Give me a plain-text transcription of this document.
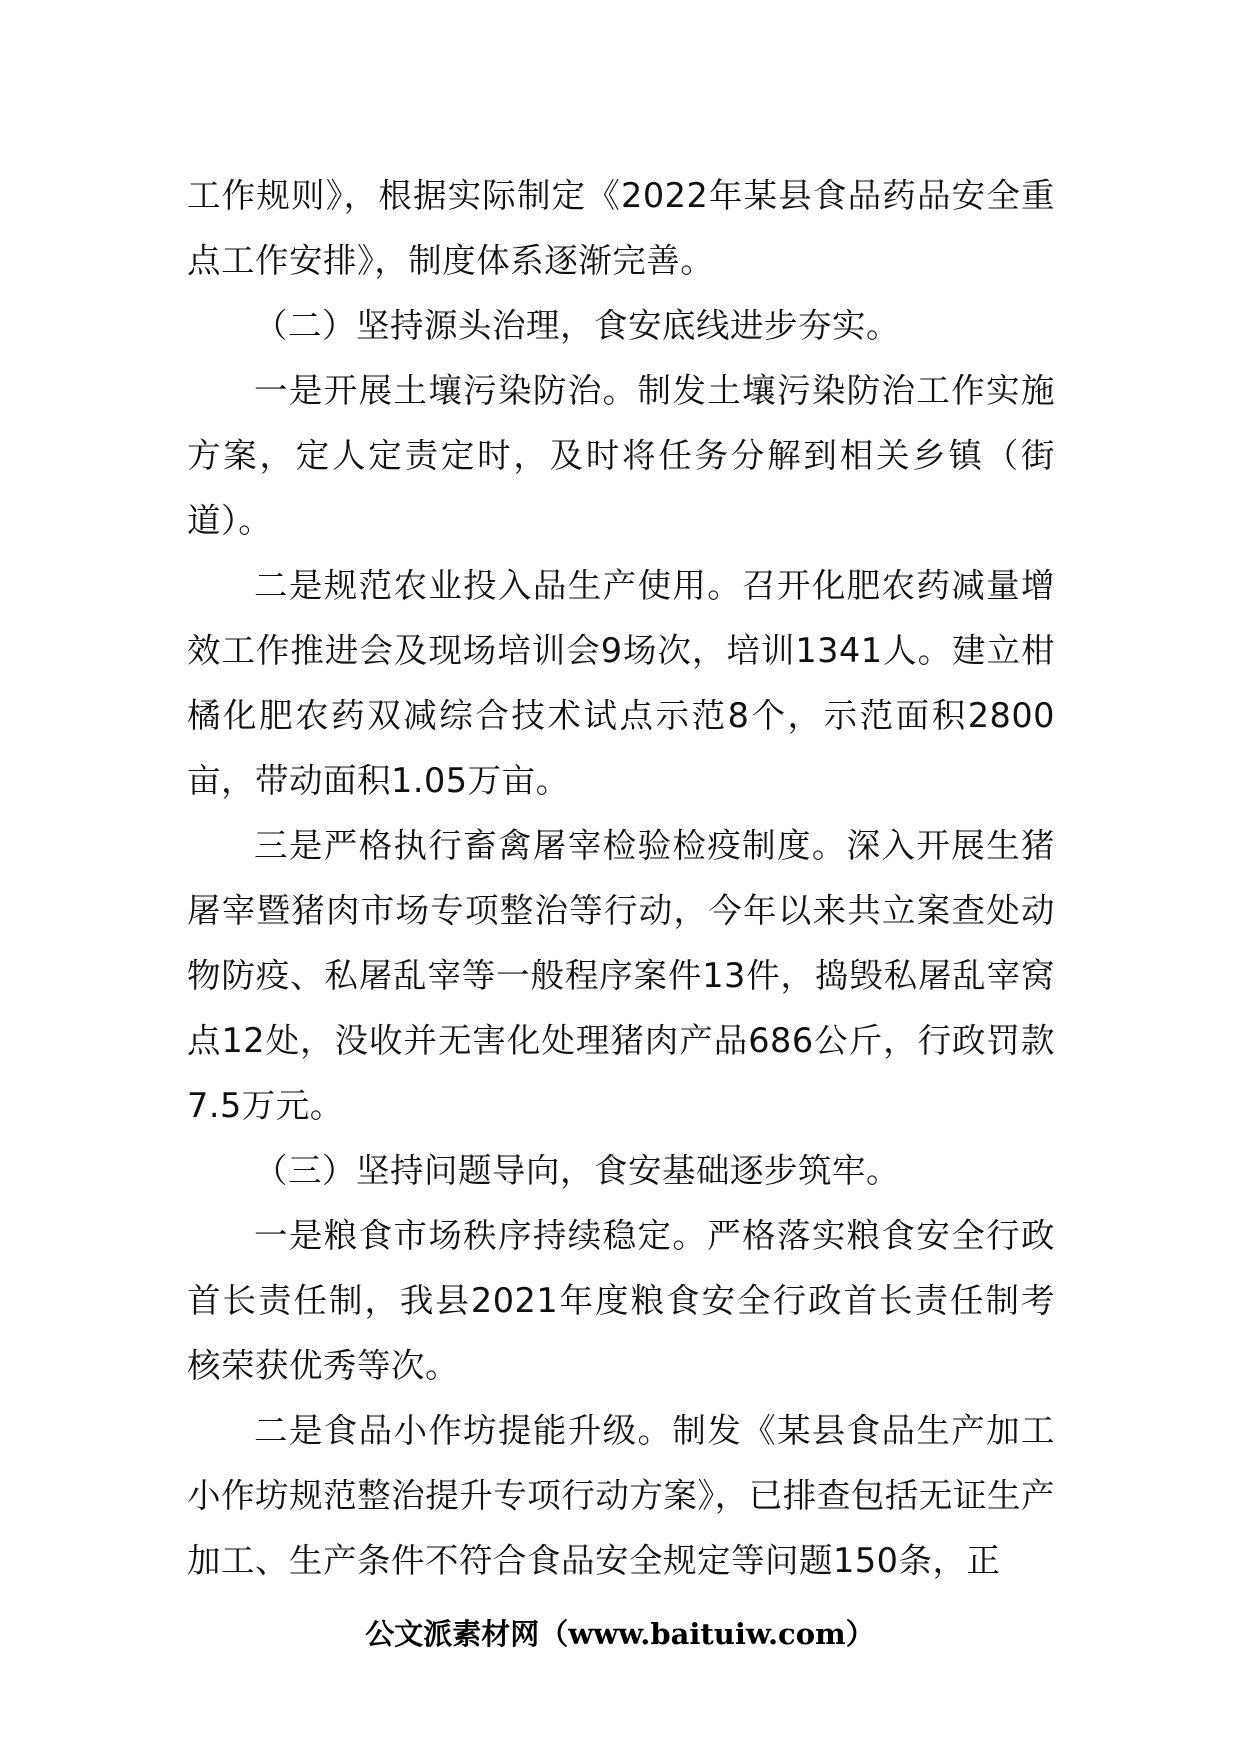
工作规则》，根据实际制定《2022年某县食品药品安全重点工作安排》，制度体系逐渐完善。

（二）坚持源头治理，食安底线进步夯实。

一是开展土壤污染防治。制发土壤污染防治工作实施方案，定人定责定时，及时将任务分解到相关乡镇（街道）。

二是规范农业投入品生产使用。召开化肥农药减量增效工作推进会及现场培训会9场次，培训1341人。建立柑橘化肥农药双减综合技术试点示范8个，示范面积2800亩，带动面积1.05万亩。

三是严格执行畜禽屠宰检验检疫制度。深入开展生猪屠宰暨猪肉市场专项整治等行动，今年以来共立案查处动物防疫、私屠乱宰等一般程序案件13件，捣毁私屠乱宰窝点12处，没收并无害化处理猪肉产品686公斤，行政罚款7.5万元。

（三）坚持问题导向，食安基础逐步筑牢。

一是粮食市场秩序持续稳定。严格落实粮食安全行政首长责任制，我县2021年度粮食安全行政首长责任制考核荣获优秀等次。

二是食品小作坊提能升级。制发《某县食品生产加工小作坊规范整治提升专项行动方案》，已排查包括无证生产加工、生产条件不符合食品安全规定等问题150条，正

公文派素材网（www.baituiw.com）
